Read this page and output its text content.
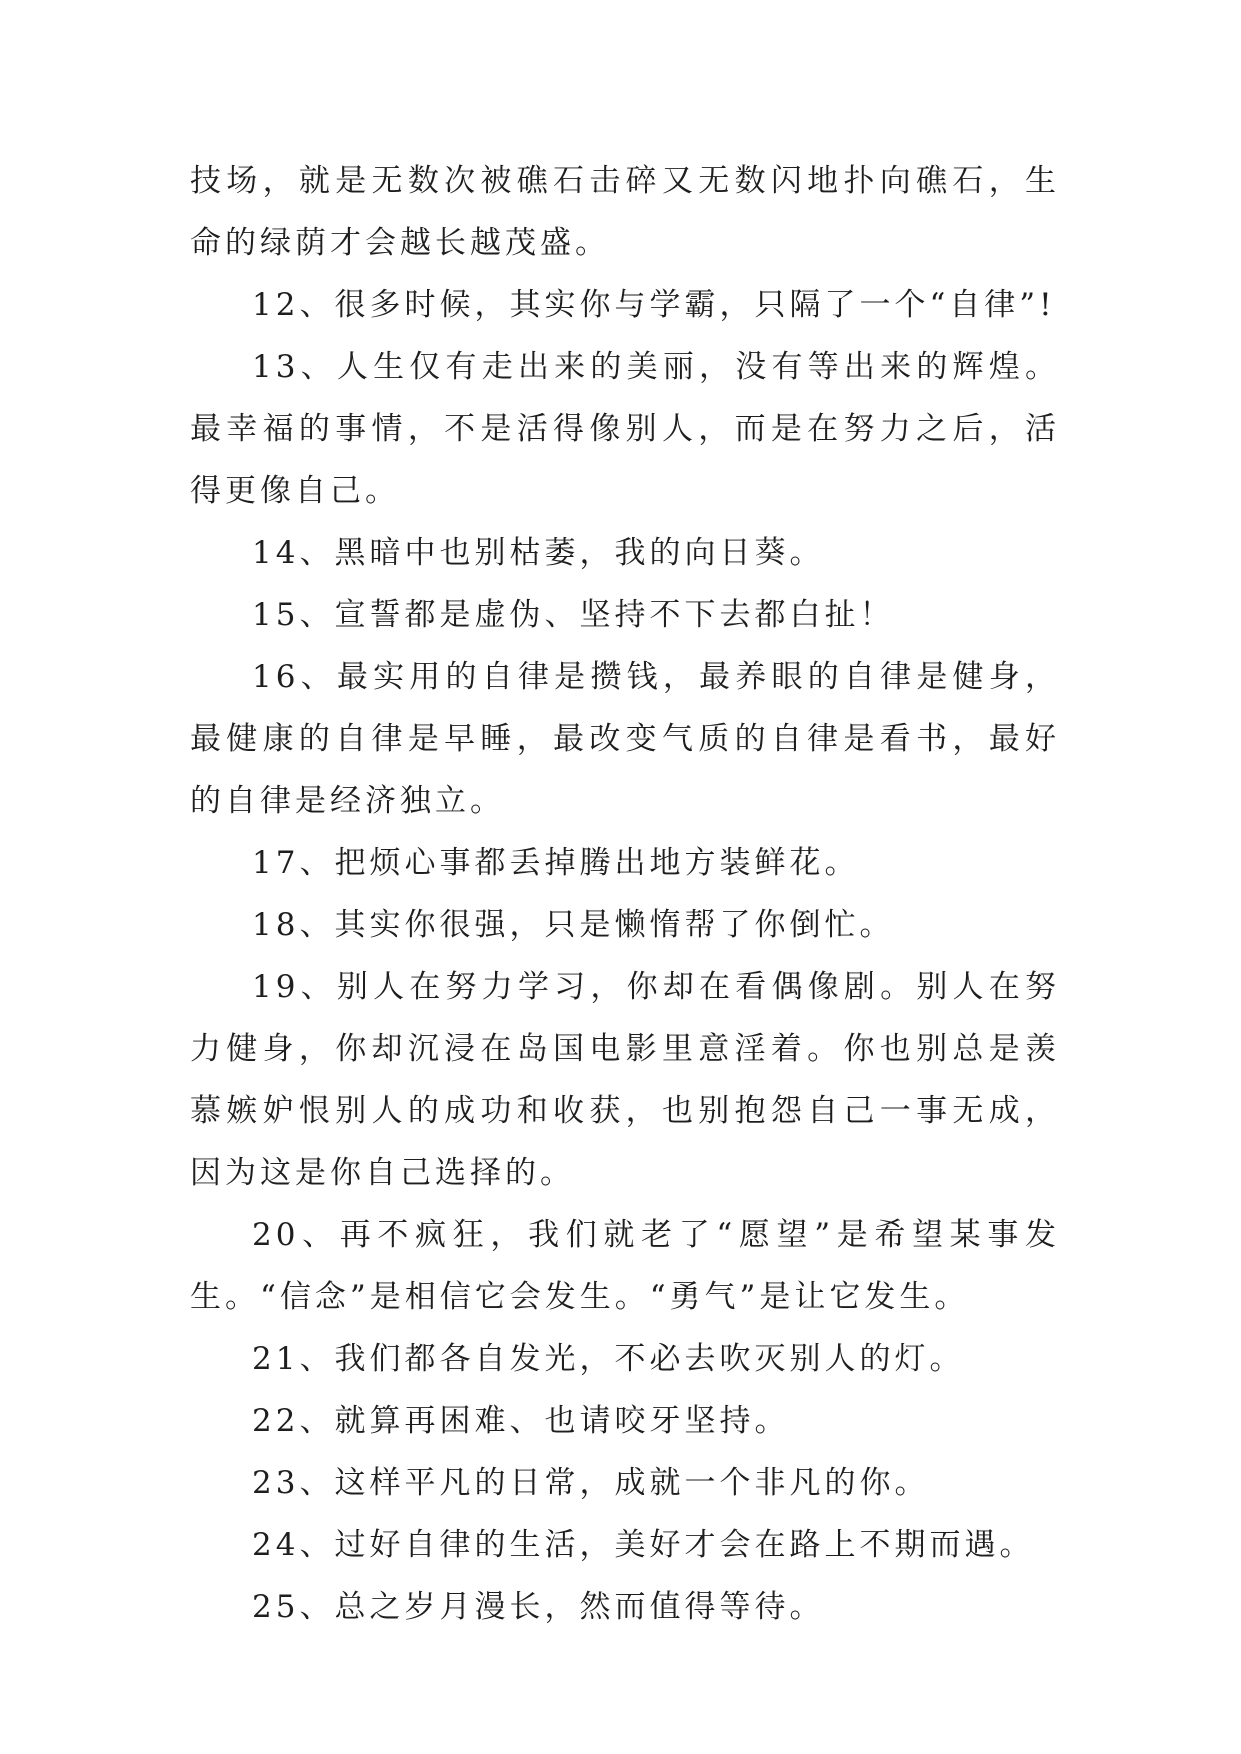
技场，就是无数次被礁石击碎又无数闪地扑向礁石，生命的绿荫才会越长越茂盛。

12、很多时候，其实你与学霸，只隔了一个“自律”!

13、人生仅有走出来的美丽，没有等出来的辉煌。最幸福的事情，不是活得像别人，而是在努力之后，活得更像自己。

14、黑暗中也别枯萎，我的向日葵。

15、宣誓都是虚伪、坚持不下去都白扯！

16、最实用的自律是攒钱，最养眼的自律是健身，最健康的自律是早睡，最改变气质的自律是看书，最好的自律是经济独立。

17、把烦心事都丢掉腾出地方装鲜花。

18、其实你很强，只是懒惰帮了你倒忙。

19、别人在努力学习，你却在看偶像剧。别人在努力健身，你却沉浸在岛国电影里意淫着。你也别总是羡慕嫉妒恨别人的成功和收获，也别抱怨自己一事无成，因为这是你自己选择的。

20、再不疯狂，我们就老了“愿望”是希望某事发生。“信念”是相信它会发生。“勇气”是让它发生。

21、我们都各自发光，不必去吹灭别人的灯。

22、就算再困难、也请咬牙坚持。

23、这样平凡的日常，成就一个非凡的你。

24、过好自律的生活，美好才会在路上不期而遇。

25、总之岁月漫长，然而值得等待。
